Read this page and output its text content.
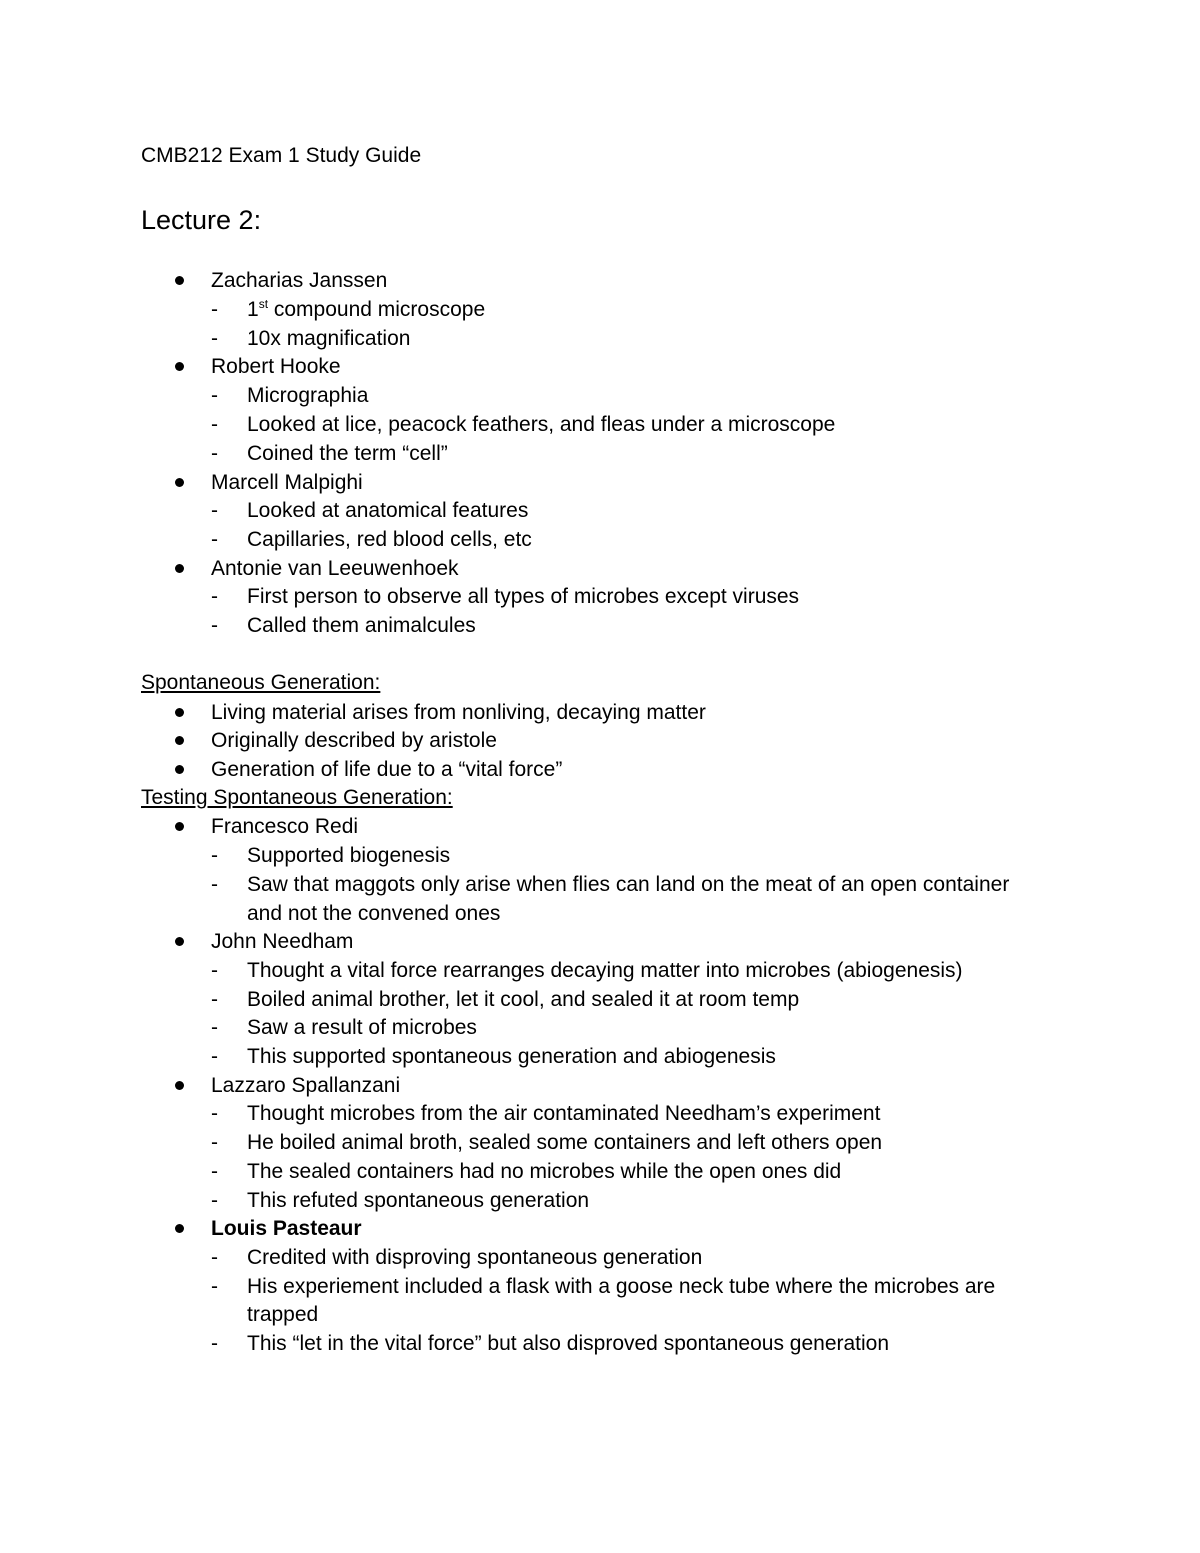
CMB212 Exam 1 Study Guide
Lecture 2:
Zacharias Janssen
- 1st compound microscope
- 10x magnification
Robert Hooke
- Micrographia
- Looked at lice, peacock feathers, and fleas under a microscope
- Coined the term “cell”
Marcell Malpighi
- Looked at anatomical features
- Capillaries, red blood cells, etc
Antonie van Leeuwenhoek
- First person to observe all types of microbes except viruses
- Called them animalcules
Spontaneous Generation:
Living material arises from nonliving, decaying matter
Originally described by aristole
Generation of life due to a “vital force”
Testing Spontaneous Generation:
Francesco Redi
- Supported biogenesis
- Saw that maggots only arise when flies can land on the meat of an open container
and not the convened ones
John Needham
- Thought a vital force rearranges decaying matter into microbes (abiogenesis)
- Boiled animal brother, let it cool, and sealed it at room temp
- Saw a result of microbes
- This supported spontaneous generation and abiogenesis
Lazzaro Spallanzani
- Thought microbes from the air contaminated Needham’s experiment
- He boiled animal broth, sealed some containers and left others open
- The sealed containers had no microbes while the open ones did
- This refuted spontaneous generation
Louis Pasteaur
- Credited with disproving spontaneous generation
- His experiement included a flask with a goose neck tube where the microbes are
trapped
- This “let in the vital force” but also disproved spontaneous generation
